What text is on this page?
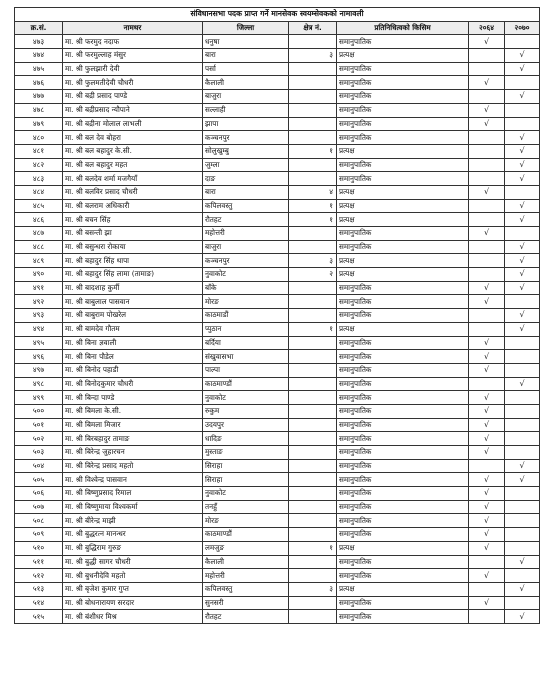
संविधानसभा पदक प्राप्त गर्ने मानसेवक स्वयम्सेवकको नामावली						
क्र.सं.	नामथर	जिल्ला	क्षेत्र नं.	प्रतिनिधित्वको किसिम	२०६४	२०७०
४७३	मा. श्री फरमुद नदाफ	धनुषा		समानुपातिक	√	
४७४	मा. श्री फरमुल्लाह मंसुर	बारा	३	प्रत्यक्ष		√
४७५	मा. श्री फुलझारी देवी	पर्सा		समानुपातिक		√
४७६	मा. श्री फुलमतीदेवी चौधरी	कैलाली		समानुपातिक	√	
४७७	मा. श्री बद्री प्रसाद पाण्डे	बाजुरा		समानुपातिक		√
४७८	मा. श्री बद्रीप्रसाद न्यौपाने	सल्लाही		समानुपातिक	√	
४७९	मा. श्री बद्रीना मोलाल लाभली	झापा		समानुपातिक	√	
४८०	मा. श्री बल देव बोहरा	कञ्चनपुर		समानुपातिक		√
४८१	मा. श्री बल बहादुर के.सी.	सोलुखुम्बु	१	प्रत्यक्ष		√
४८२	मा. श्री बल बहादुर महत	जुम्ला		समानुपातिक		√
४८३	मा. श्री बलदेव शर्मा मजगैयाँ	दाङ		समानुपातिक		√
४८४	मा. श्री बलविर प्रसाद चौधरी	बारा	४	प्रत्यक्ष	√	
४८५	मा. श्री बलराम अधिकारी	कपिलवस्तु	१	प्रत्यक्ष		√
४८६	मा. श्री बचन सिंह	रौतहट	१	प्रत्यक्ष		√
४८७	मा. श्री बसन्ती झा	महोत्तरी		समानुपातिक	√	
४८८	मा. श्री बसुन्धरा रोकाया	बाजुरा		समानुपातिक		√
४८९	मा. श्री बहादुर सिंह थापा	कञ्चनपुर	३	प्रत्यक्ष		√
४९०	मा. श्री बहादुर सिंह लामा (तामाङ)	नुवाकोट	२	प्रत्यक्ष		√
४९१	मा. श्री बादशाह कुर्मी	बाँके		समानुपातिक	√	√
४९२	मा. श्री बाबुलाल पासवान	मोरङ		समानुपातिक	√	
४९३	मा. श्री बाबुराम पोखरेल	काठमाडौं		समानुपातिक		√
४९४	मा. श्री बामदेव गौतम	प्युठान	१	प्रत्यक्ष		√
४९५	मा. श्री बिना ज्ञवाली	बर्दिया		समानुपातिक	√	
४९६	मा. श्री बिना पौडेल	संखुवासभा		समानुपातिक	√	
४९७	मा. श्री बिनोद पहाडी	पाल्पा		समानुपातिक	√	
४९८	मा. श्री बिनोदकुमार चौधरी	काठमाण्डौं		समानुपातिक		√
४९९	मा. श्री बिन्दा पाण्डे	नुवाकोट		समानुपातिक	√	
५००	मा. श्री बिमला के.सी.	रुकुम		समानुपातिक	√	
५०१	मा. श्री बिमला मिजार	उदयपुर		समानुपातिक	√	
५०२	मा. श्री बिरबहादुर तामाङ	धादिङ		समानुपातिक	√	
५०३	मा. श्री बिरेन्द्र जुहारचन	मुस्ताङ		समानुपातिक	√	
५०४	मा. श्री बिरेन्द्र प्रसाद महतो	सिराहा		समानुपातिक		√
५०५	मा. श्री विश्वेन्द्र पासवान	सिराहा		समानुपातिक	√	√
५०६	मा. श्री बिष्णुप्रसाद रिमाल	नुवाकोट		समानुपातिक	√	
५०७	मा. श्री बिष्णुमाया विश्वकर्मा	तनहुँ		समानुपातिक	√	
५०८	मा. श्री बीरेन्द्र माझी	मोरङ		समानुपातिक	√	
५०९	मा. श्री बुद्धरत्न मानन्धर	काठमाण्डौं		समानुपातिक	√	
५१०	मा. श्री बुद्धिराम गुरुङ	लमजुङ	१	प्रत्यक्ष	√	
५११	मा. श्री बुद्धी सागर चौधरी	कैलाली		समानुपातिक		√
५१२	मा. श्री बुधनीदेवि महतो	महोत्तरी		समानुपातिक	√	
५१३	मा. श्री बृजेश कुमार गुप्त	कपिलवस्तु	३	प्रत्यक्ष		√
५१४	मा. श्री बोधनारायण सरदार	सुनसरी		समानुपातिक	√	
५१५	मा. श्री बंशीधर मिश्र	रौतहट		समानुपातिक		√
